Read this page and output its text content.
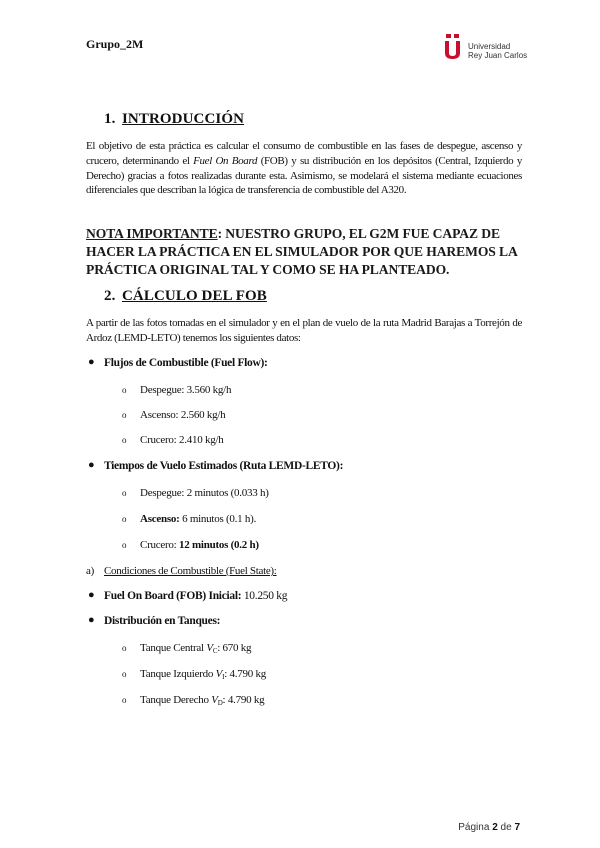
Grupo_2M	Universidad
Rey Juan Carlos
1. INTRODUCCIÓN
El objetivo de esta práctica es calcular el consumo de combustible en las fases de despegue, ascenso y crucero, determinando el Fuel On Board (FOB) y su distribución en los depósitos (Central, Izquierdo y Derecho) gracias a fotos realizadas durante esta. Asimismo, se modelará el sistema mediante ecuaciones diferenciales que describan la lógica de transferencia de combustible del A320.
NOTA IMPORTANTE: NUESTRO GRUPO, EL G2M FUE CAPAZ DE HACER LA PRÁCTICA EN EL SIMULADOR POR QUE HAREMOS LA PRÁCTICA ORIGINAL TAL Y COMO SE HA PLANTEADO.
2. CÁLCULO DEL FOB
A partir de las fotos tomadas en el simulador y en el plan de vuelo de la ruta Madrid Barajas a Torrejón de Ardoz (LEMD-LETO) tenemos los siguientes datos:
● Flujos de Combustible (Fuel Flow):
o Despegue: 3.560 kg/h
o Ascenso: 2.560 kg/h
o Crucero: 2.410 kg/h
● Tiempos de Vuelo Estimados (Ruta LEMD-LETO):
o Despegue: 2 minutos (0.033 h)
o Ascenso: 6 minutos (0.1 h).
o Crucero: 12 minutos (0.2 h)
a) Condiciones de Combustible (Fuel State):
● Fuel On Board (FOB) Inicial: 10.250 kg
● Distribución en Tanques:
o Tanque Central $V_C$: 670 kg
o Tanque Izquierdo $V_I$: 4.790 kg
o Tanque Derecho $V_D$: 4.790 kg
Página 2 de 7
